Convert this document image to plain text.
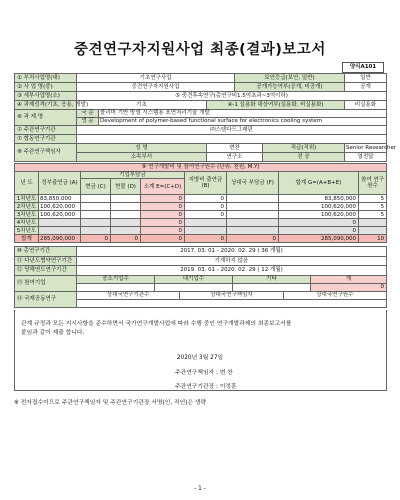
중견연구자지원사업 최종(결과)보고서
양식A101
① 부처사업명(대)	기초연구사업			보안등급(보안, 일반)		일반
② 사 업 명(중)	중견연구자지원사업			공개가능여부(공개, 비공개)		공개
③ 세부사업명(소)	⑤ 중견후속연구(총연구비1.5억초과~3억이하)					
④ 과제성격(기초, 응용, 개발)	기초		④-1 실용화 대상여부(실용화, 비실용화)			비실용화
⑥ 과 제 명	국 문	폴리머 기반 방열 시스템용 표면처리기술 개발				
	영 문	Development of polymer-based functional surface for electronics cooling system				
⑦ 주관연구기관	㈜스텐다드그래핀					
⑦ 협동연구기관						
⑧ 주관연구책임자	성 명		변찬		직급(직위)	Senior Researcher
	소속부서		연구소		전 공	열전달
⑨ 연구개발비 및 참여연구원수 (단위: 천원, M.Y)								
년 도	정부출연금 (A)	기업부담금			지방비 출연금 (B)	상대국 부담금 (F)	합계 G=(A+B+E)	참여 연구원수
		현금 (C)	현물 (D)	소계 E=(C+D)				
1차년도	83,850,000			0	0		83,850,000	5
2차년도	100,620,000			0	0		100,620,000	5
3차년도	100,620,000			0	0		100,620,000	5
4차년도				0			0	
5차년도				0			0	
합계	285,090,000	0	0	0	0	0	285,090,000	10
⑩ 총연구기간	2017. 03. 01 - 2020. 02. 29 ( 36 개월)			
⑪ 다년도협약연구기간	기재하지 않음			
⑫ 당해연도연구기간	2019. 03. 01 - 2020. 02. 29 ( 12 개월)			
⑬ 참여기업	중소기업수	대기업수	기타	계
				0
⑭ 국제공동연구	상대국연구기관수 상대국연구책임자 상대국연구원수			

관계 규정과 모든 지시사항을 준수하면서 국가연구개발사업에 따라 수행 중인 연구개발과제의 최종보고서를
붙임과 같이 제출 합니다.
2020년 3월 27일
주관연구책임자 : 변 찬
주관연구기관장 : 이정훈
※ 전자접수이므로 주관연구책임자 및 주관연구기관장 서명(인, 직인)은 생략
- 1 -
